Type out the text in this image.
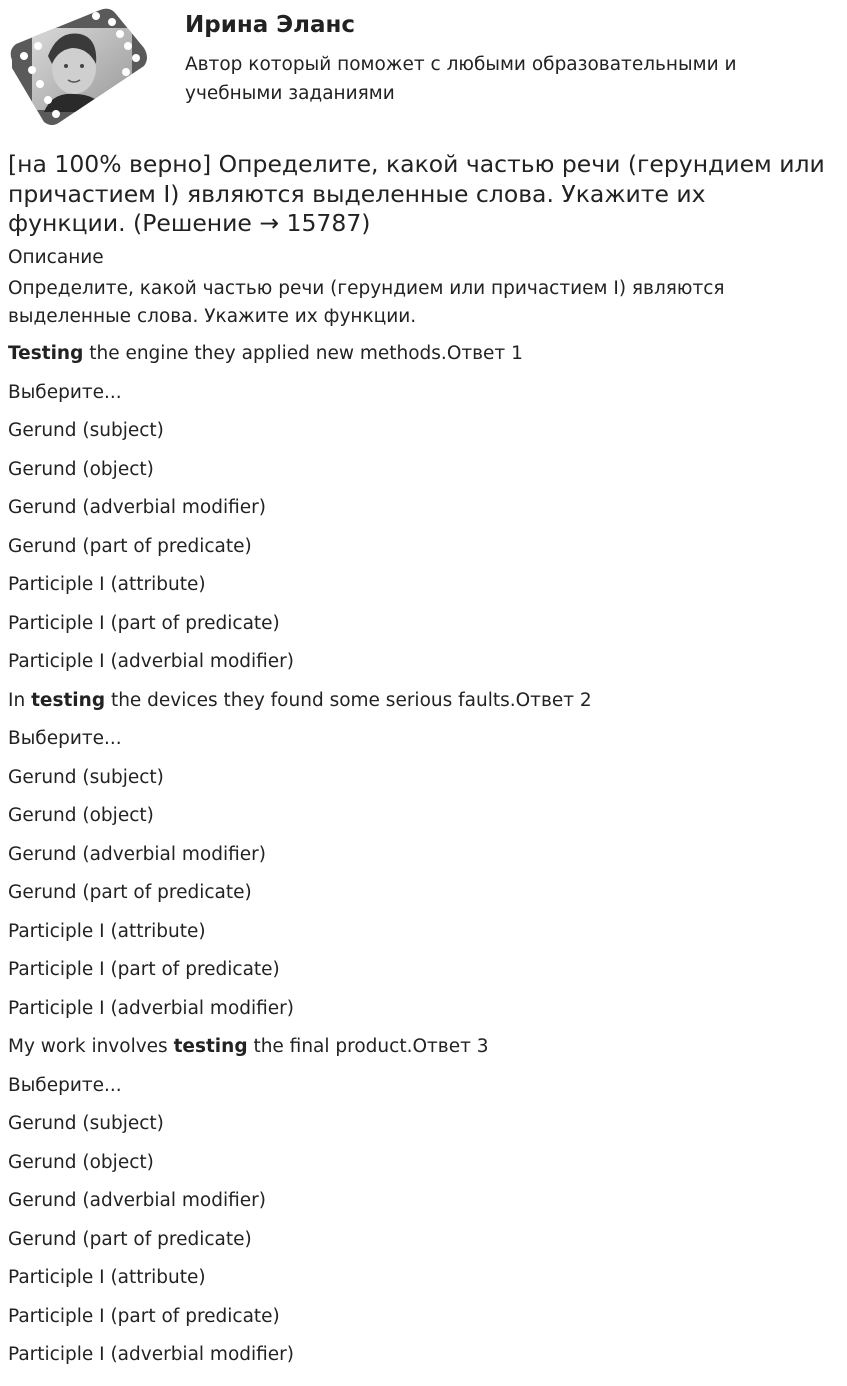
Ирина Эланс
Автор который поможет с любыми образовательными и учебными заданиями
[на 100% верно] Определите, какой частью речи (герундием или причастием I) являются выделенные слова. Укажите их функции. (Решение → 15787)
Описание
Определите, какой частью речи (герундием или причастием I) являются выделенные слова. Укажите их функции.
Testing the engine they applied new methods.Ответ 1
Выберите...
Gerund (subject)
Gerund (object)
Gerund (adverbial modifier)
Gerund (part of predicate)
Participle I (attribute)
Participle I (part of predicate)
Participle I (adverbial modifier)
In testing the devices they found some serious faults.Ответ 2
Выберите...
Gerund (subject)
Gerund (object)
Gerund (adverbial modifier)
Gerund (part of predicate)
Participle I (attribute)
Participle I (part of predicate)
Participle I (adverbial modifier)
My work involves testing the final product.Ответ 3
Выберите...
Gerund (subject)
Gerund (object)
Gerund (adverbial modifier)
Gerund (part of predicate)
Participle I (attribute)
Participle I (part of predicate)
Participle I (adverbial modifier)
